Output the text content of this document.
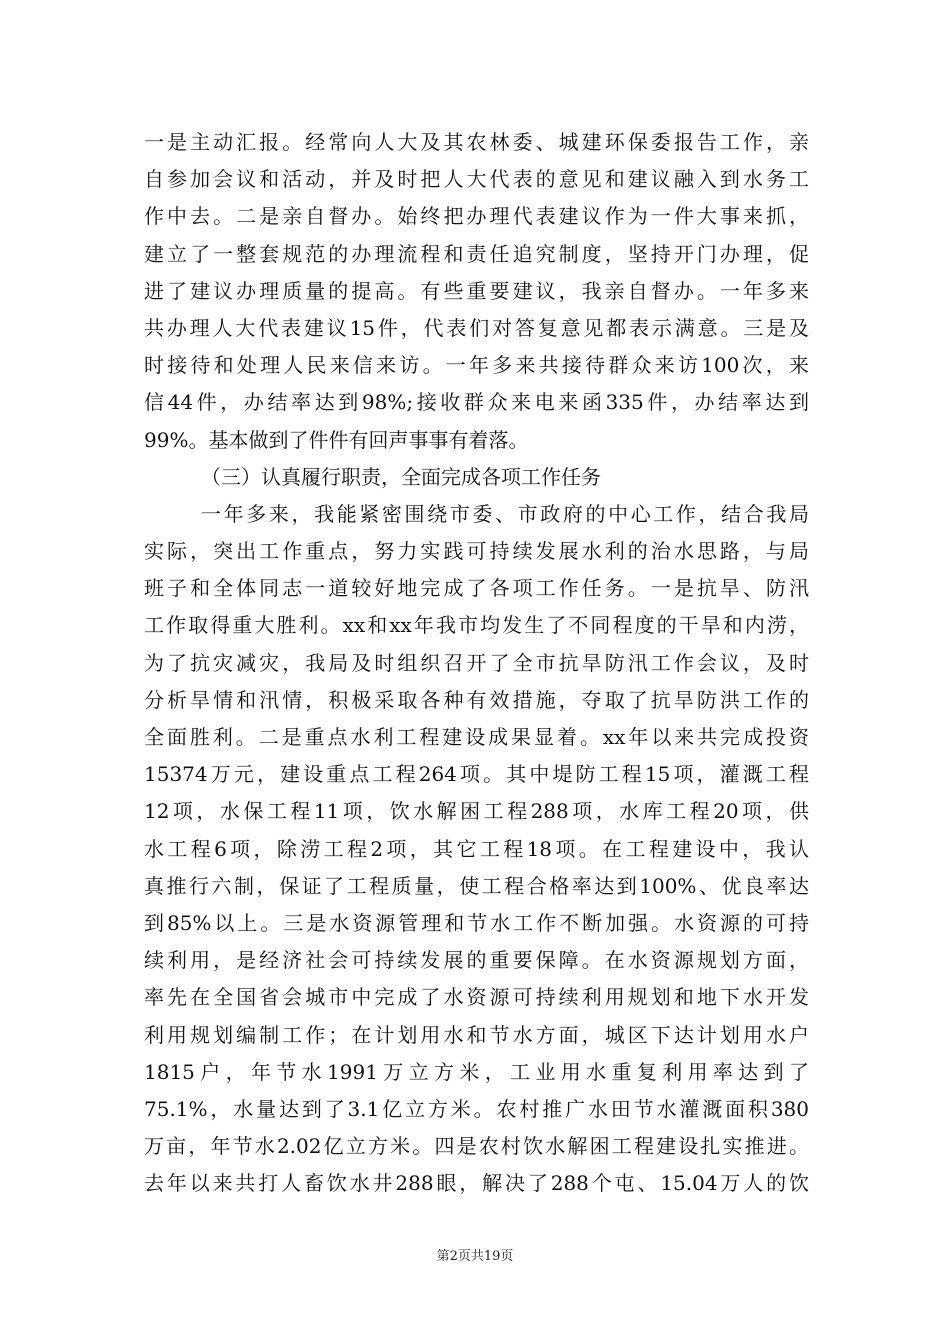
一是主动汇报。经常向人大及其农林委、城建环保委报告工作，亲
自参加会议和活动，并及时把人大代表的意见和建议融入到水务工
作中去。二是亲自督办。始终把办理代表建议作为一件大事来抓，
建立了一整套规范的办理流程和责任追究制度，坚持开门办理，促
进了建议办理质量的提高。有些重要建议，我亲自督办。一年多来
共办理人大代表建议15件，代表们对答复意见都表示满意。三是及
时接待和处理人民来信来访。一年多来共接待群众来访100次，来
信44件，办结率达到98%;接收群众来电来函335件，办结率达到
99%。基本做到了件件有回声事事有着落。
（三）认真履行职责，全面完成各项工作任务
一年多来，我能紧密围绕市委、市政府的中心工作，结合我局
实际，突出工作重点，努力实践可持续发展水利的治水思路，与局
班子和全体同志一道较好地完成了各项工作任务。一是抗旱、防汛
工作取得重大胜利。xx和xx年我市均发生了不同程度的干旱和内涝，
为了抗灾减灾，我局及时组织召开了全市抗旱防汛工作会议，及时
分析旱情和汛情，积极采取各种有效措施，夺取了抗旱防洪工作的
全面胜利。二是重点水利工程建设成果显着。xx年以来共完成投资
15374万元，建设重点工程264项。其中堤防工程15项，灌溉工程
12项，水保工程11项，饮水解困工程288项，水库工程20项，供
水工程6项，除涝工程2项，其它工程18项。在工程建设中，我认
真推行六制，保证了工程质量，使工程合格率达到100%、优良率达
到85%以上。三是水资源管理和节水工作不断加强。水资源的可持
续利用，是经济社会可持续发展的重要保障。在水资源规划方面，
率先在全国省会城市中完成了水资源可持续利用规划和地下水开发
利用规划编制工作；在计划用水和节水方面，城区下达计划用水户
1815户，年节水1991万立方米，工业用水重复利用率达到了
75.1%，水量达到了3.1亿立方米。农村推广水田节水灌溉面积380
万亩，年节水2.02亿立方米。四是农村饮水解困工程建设扎实推进。
去年以来共打人畜饮水井288眼，解决了288个屯、15.04万人的饮
第2页共19页
